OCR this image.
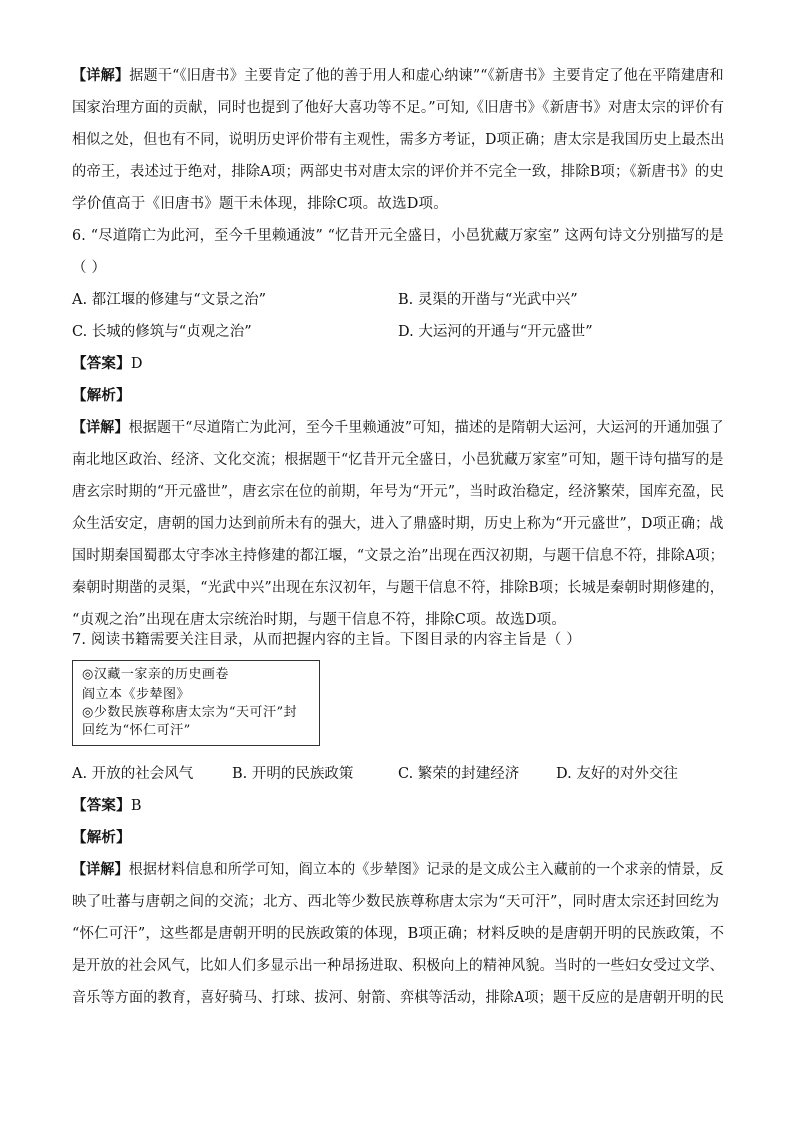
【详解】据题干“《旧唐书》主要肯定了他的善于用人和虚心纳谏”“《新唐书》主要肯定了他在平隋建唐和
国家治理方面的贡献，同时也提到了他好大喜功等不足。”可知,《旧唐书》《新唐书》对唐太宗的评价有
相似之处，但也有不同，说明历史评价带有主观性，需多方考证，D项正确；唐太宗是我国历史上最杰出
的帝王，表述过于绝对，排除A项；两部史书对唐太宗的评价并不完全一致，排除B项；《新唐书》的史
学价值高于《旧唐书》题干未体现，排除C项。故选D项。
6. “尽道隋亡为此河，至今千里赖通波” “忆昔开元全盛日，小邑犹藏万家室” 这两句诗文分别描写的是
（ ）
A. 都江堰的修建与“文景之治”	B. 灵渠的开凿与“光武中兴”
C. 长城的修筑与“贞观之治”	D. 大运河的开通与“开元盛世”
【答案】D
【解析】
【详解】根据题干“尽道隋亡为此河，至今千里赖通波”可知，描述的是隋朝大运河，大运河的开通加强了
南北地区政治、经济、文化交流；根据题干“忆昔开元全盛日，小邑犹藏万家室”可知，题干诗句描写的是
唐玄宗时期的“开元盛世”，唐玄宗在位的前期，年号为“开元”，当时政治稳定，经济繁荣，国库充盈，民
众生活安定，唐朝的国力达到前所未有的强大，进入了鼎盛时期，历史上称为“开元盛世”，D项正确；战
国时期秦国蜀郡太守李冰主持修建的都江堰，“文景之治”出现在西汉初期，与题干信息不符，排除A项；
秦朝时期凿的灵渠，“光武中兴”出现在东汉初年，与题干信息不符，排除B项；长城是秦朝时期修建的，
“贞观之治”出现在唐太宗统治时期，与题干信息不符，排除C项。故选D项。
7. 阅读书籍需要关注目录，从而把握内容的主旨。下图目录的内容主旨是（ ）
◎汉藏一家亲的历史画卷
阎立本《步辇图》
◎少数民族尊称唐太宗为“天可汗”封
回纥为“怀仁可汗”
A. 开放的社会风气	B. 开明的民族政策	C. 繁荣的封建经济	D. 友好的对外交往
【答案】B
【解析】
【详解】根据材料信息和所学可知，阎立本的《步辇图》记录的是文成公主入藏前的一个求亲的情景，反
映了吐蕃与唐朝之间的交流；北方、西北等少数民族尊称唐太宗为“天可汗”，同时唐太宗还封回纥为
“怀仁可汗”，这些都是唐朝开明的民族政策的体现，B项正确；材料反映的是唐朝开明的民族政策，不
是开放的社会风气，比如人们多显示出一种昂扬进取、积极向上的精神风貌。当时的一些妇女受过文学、
音乐等方面的教育，喜好骑马、打球、拔河、射箭、弈棋等活动，排除A项；题干反应的是唐朝开明的民
